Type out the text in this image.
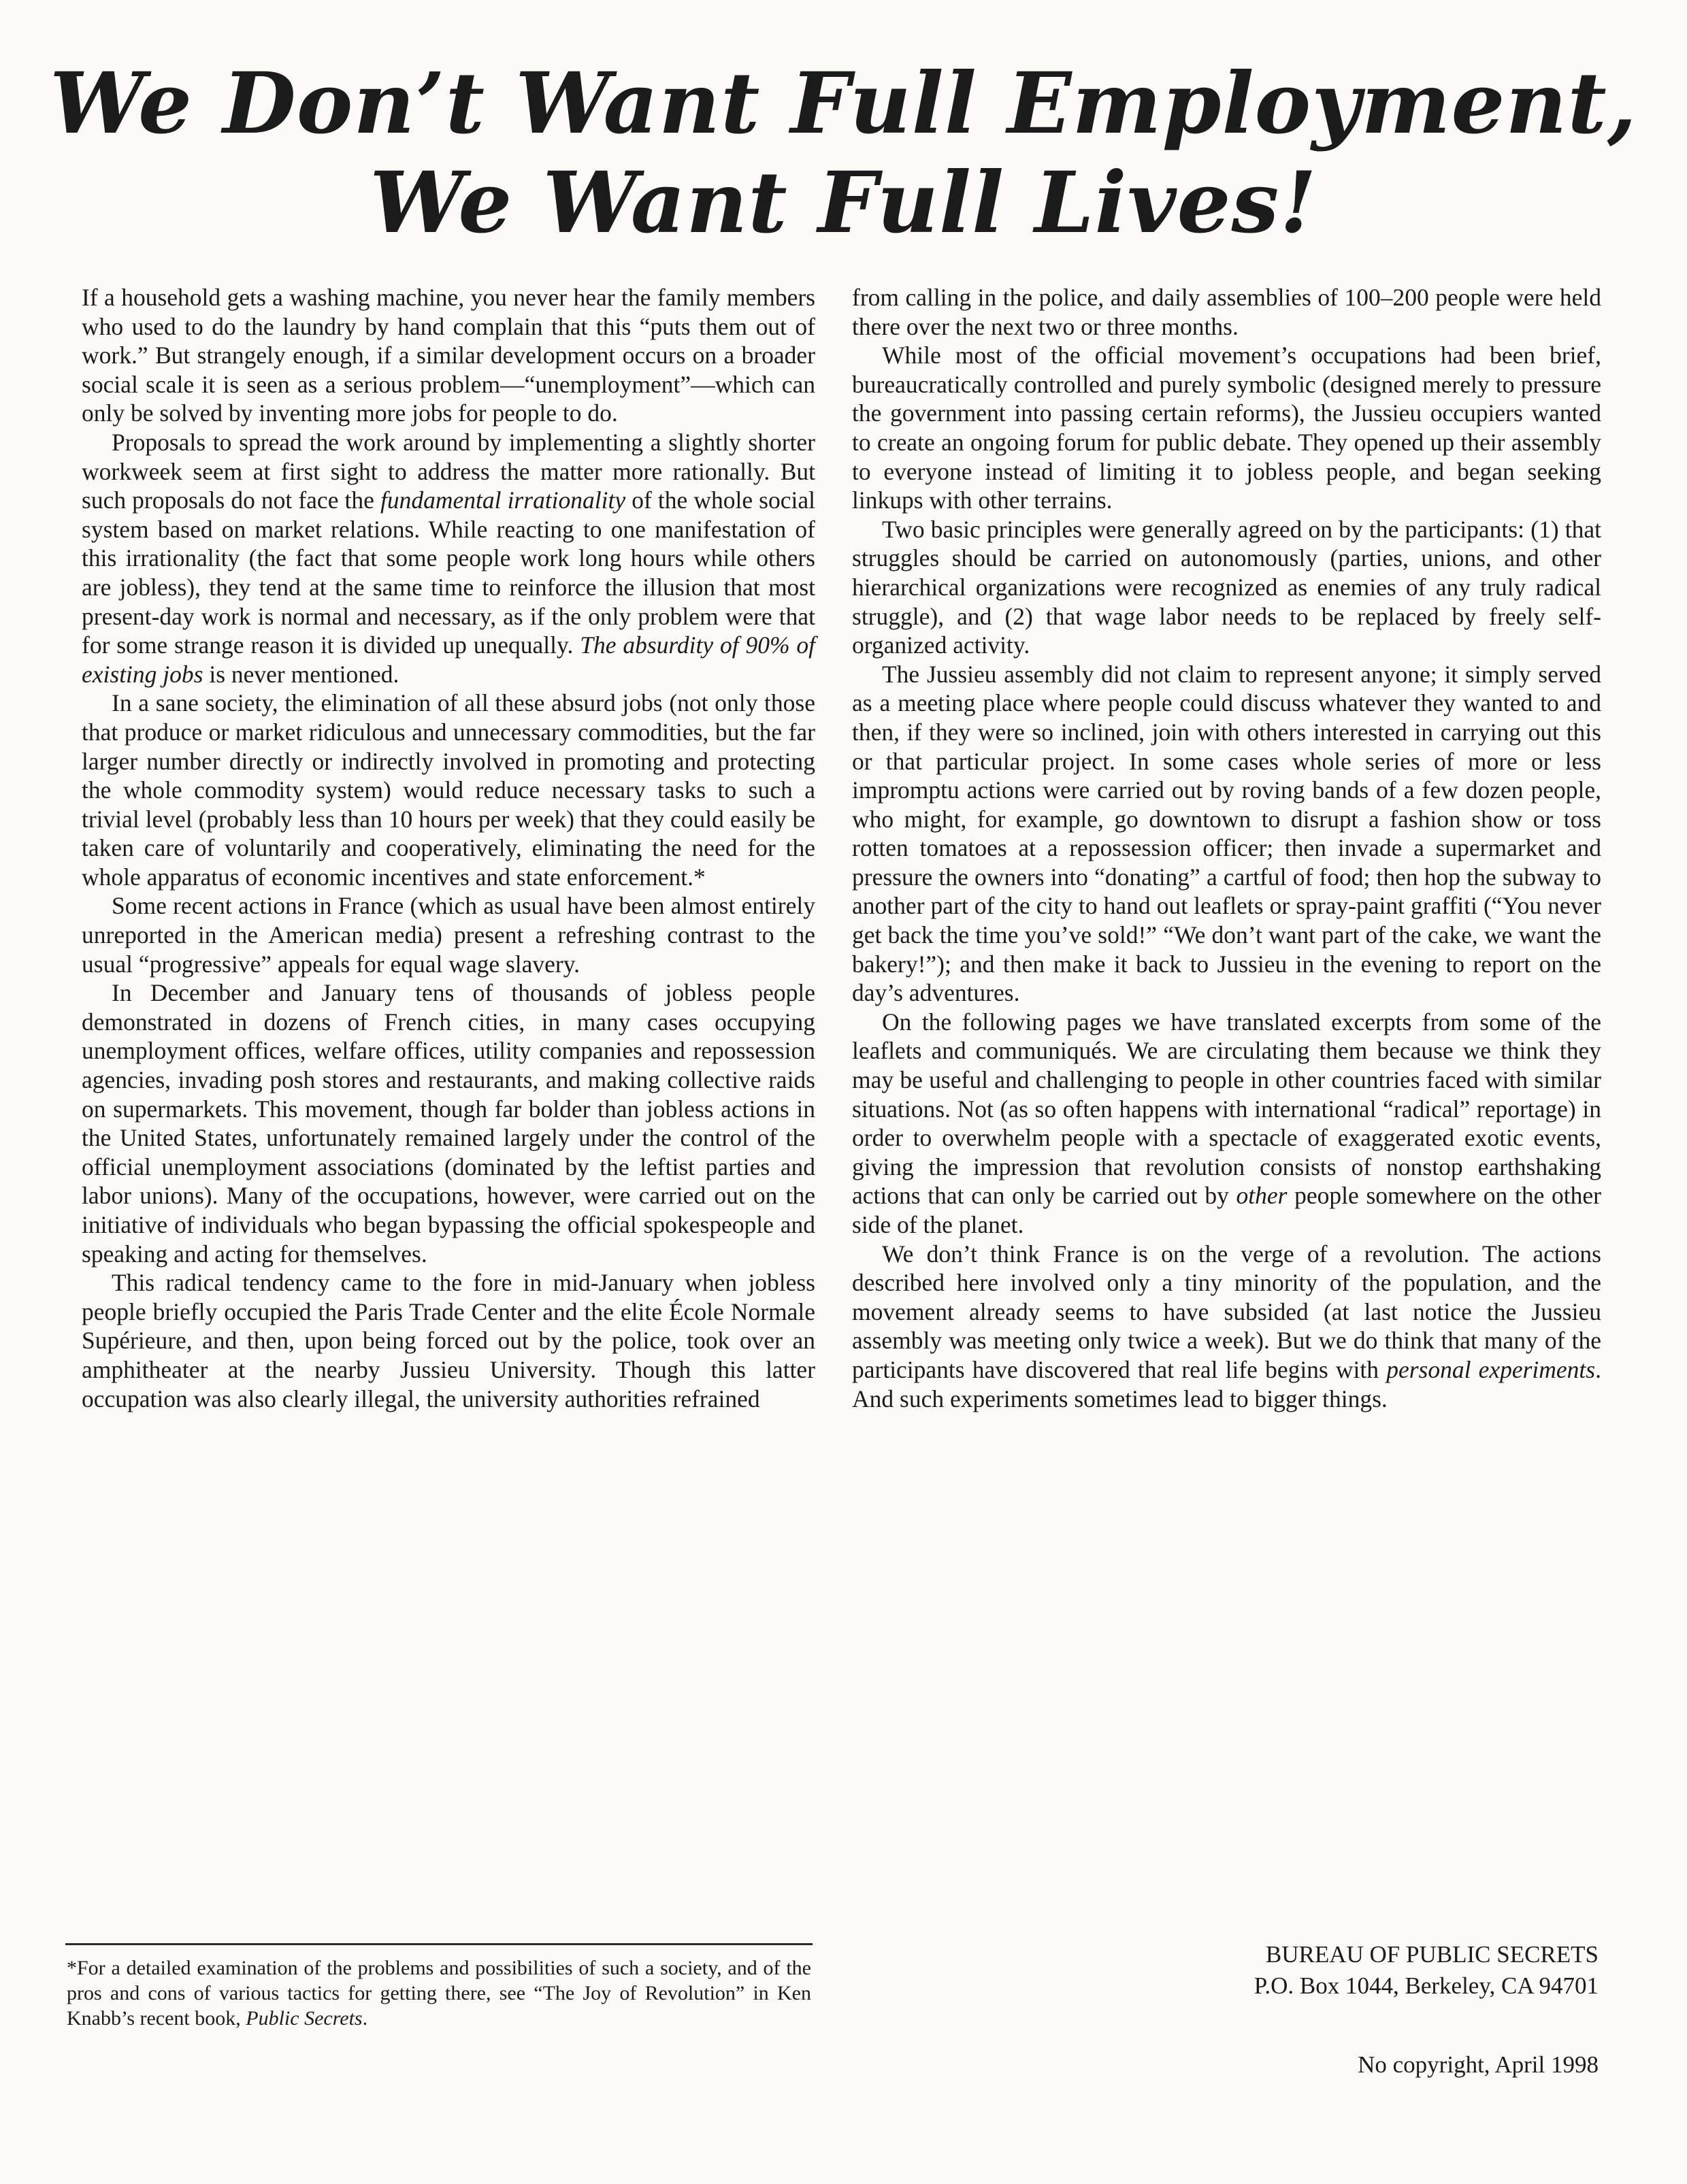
We Don’t Want Full Employment,
We Want Full Lives!

If a household gets a washing machine, you never hear the family members who used to do the laundry by hand complain that this “puts them out of work.” But strangely enough, if a similar development occurs on a broader social scale it is seen as a serious problem—“unemployment”—which can only be solved by inventing more jobs for people to do.

Proposals to spread the work around by implementing a slightly shorter workweek seem at first sight to address the matter more rationally. But such proposals do not face the fundamental irrationality of the whole social system based on market relations. While reacting to one manifestation of this irrationality (the fact that some people work long hours while others are jobless), they tend at the same time to reinforce the illusion that most present-day work is normal and necessary, as if the only problem were that for some strange reason it is divided up unequally. The absurdity of 90% of existing jobs is never mentioned.

In a sane society, the elimination of all these absurd jobs (not only those that produce or market ridiculous and unnecessary commodities, but the far larger number directly or indirectly involved in promoting and protecting the whole commodity system) would reduce necessary tasks to such a trivial level (probably less than 10 hours per week) that they could easily be taken care of voluntarily and cooperatively, eliminating the need for the whole apparatus of economic incentives and state enforcement.*

Some recent actions in France (which as usual have been almost entirely unreported in the American media) present a refreshing contrast to the usual “progressive” appeals for equal wage slavery.

In December and January tens of thousands of jobless people demonstrated in dozens of French cities, in many cases occupying unemployment offices, welfare offices, utility companies and repossession agencies, invading posh stores and restaurants, and making collective raids on supermarkets. This movement, though far bolder than jobless actions in the United States, unfortunately remained largely under the control of the official unemployment associations (dominated by the leftist parties and labor unions). Many of the occupations, however, were carried out on the initiative of individuals who began bypassing the official spokespeople and speaking and acting for themselves.

This radical tendency came to the fore in mid-January when jobless people briefly occupied the Paris Trade Center and the elite École Normale Supérieure, and then, upon being forced out by the police, took over an amphitheater at the nearby Jussieu University. Though this latter occupation was also clearly illegal, the university authorities refrained

from calling in the police, and daily assemblies of 100–200 people were held there over the next two or three months.

While most of the official movement’s occupations had been brief, bureaucratically controlled and purely symbolic (designed merely to pressure the government into passing certain reforms), the Jussieu occupiers wanted to create an ongoing forum for public debate. They opened up their assembly to everyone instead of limiting it to jobless people, and began seeking linkups with other terrains.

Two basic principles were generally agreed on by the participants: (1) that struggles should be carried on autonomously (parties, unions, and other hierarchical organizations were recognized as enemies of any truly radical struggle), and (2) that wage labor needs to be replaced by freely self-organized activity.

The Jussieu assembly did not claim to represent anyone; it simply served as a meeting place where people could discuss whatever they wanted to and then, if they were so inclined, join with others interested in carrying out this or that particular project. In some cases whole series of more or less impromptu actions were carried out by roving bands of a few dozen people, who might, for example, go downtown to disrupt a fashion show or toss rotten tomatoes at a repossession officer; then invade a supermarket and pressure the owners into “donating” a cartful of food; then hop the subway to another part of the city to hand out leaflets or spray-paint graffiti (“You never get back the time you’ve sold!” “We don’t want part of the cake, we want the bakery!”); and then make it back to Jussieu in the evening to report on the day’s adventures.

On the following pages we have translated excerpts from some of the leaflets and communiqués. We are circulating them because we think they may be useful and challenging to people in other countries faced with similar situations. Not (as so often happens with international “radical” reportage) in order to overwhelm people with a spectacle of exaggerated exotic events, giving the impression that revolution consists of nonstop earthshaking actions that can only be carried out by other people somewhere on the other side of the planet.

We don’t think France is on the verge of a revolution. The actions described here involved only a tiny minority of the population, and the movement already seems to have subsided (at last notice the Jussieu assembly was meeting only twice a week). But we do think that many of the participants have discovered that real life begins with personal experiments. And such experiments sometimes lead to bigger things.

*For a detailed examination of the problems and possibilities of such a society, and of the pros and cons of various tactics for getting there, see “The Joy of Revolution” in Ken Knabb’s recent book, Public Secrets.

BUREAU OF PUBLIC SECRETS
P.O. Box 1044, Berkeley, CA 94701
No copyright, April 1998
